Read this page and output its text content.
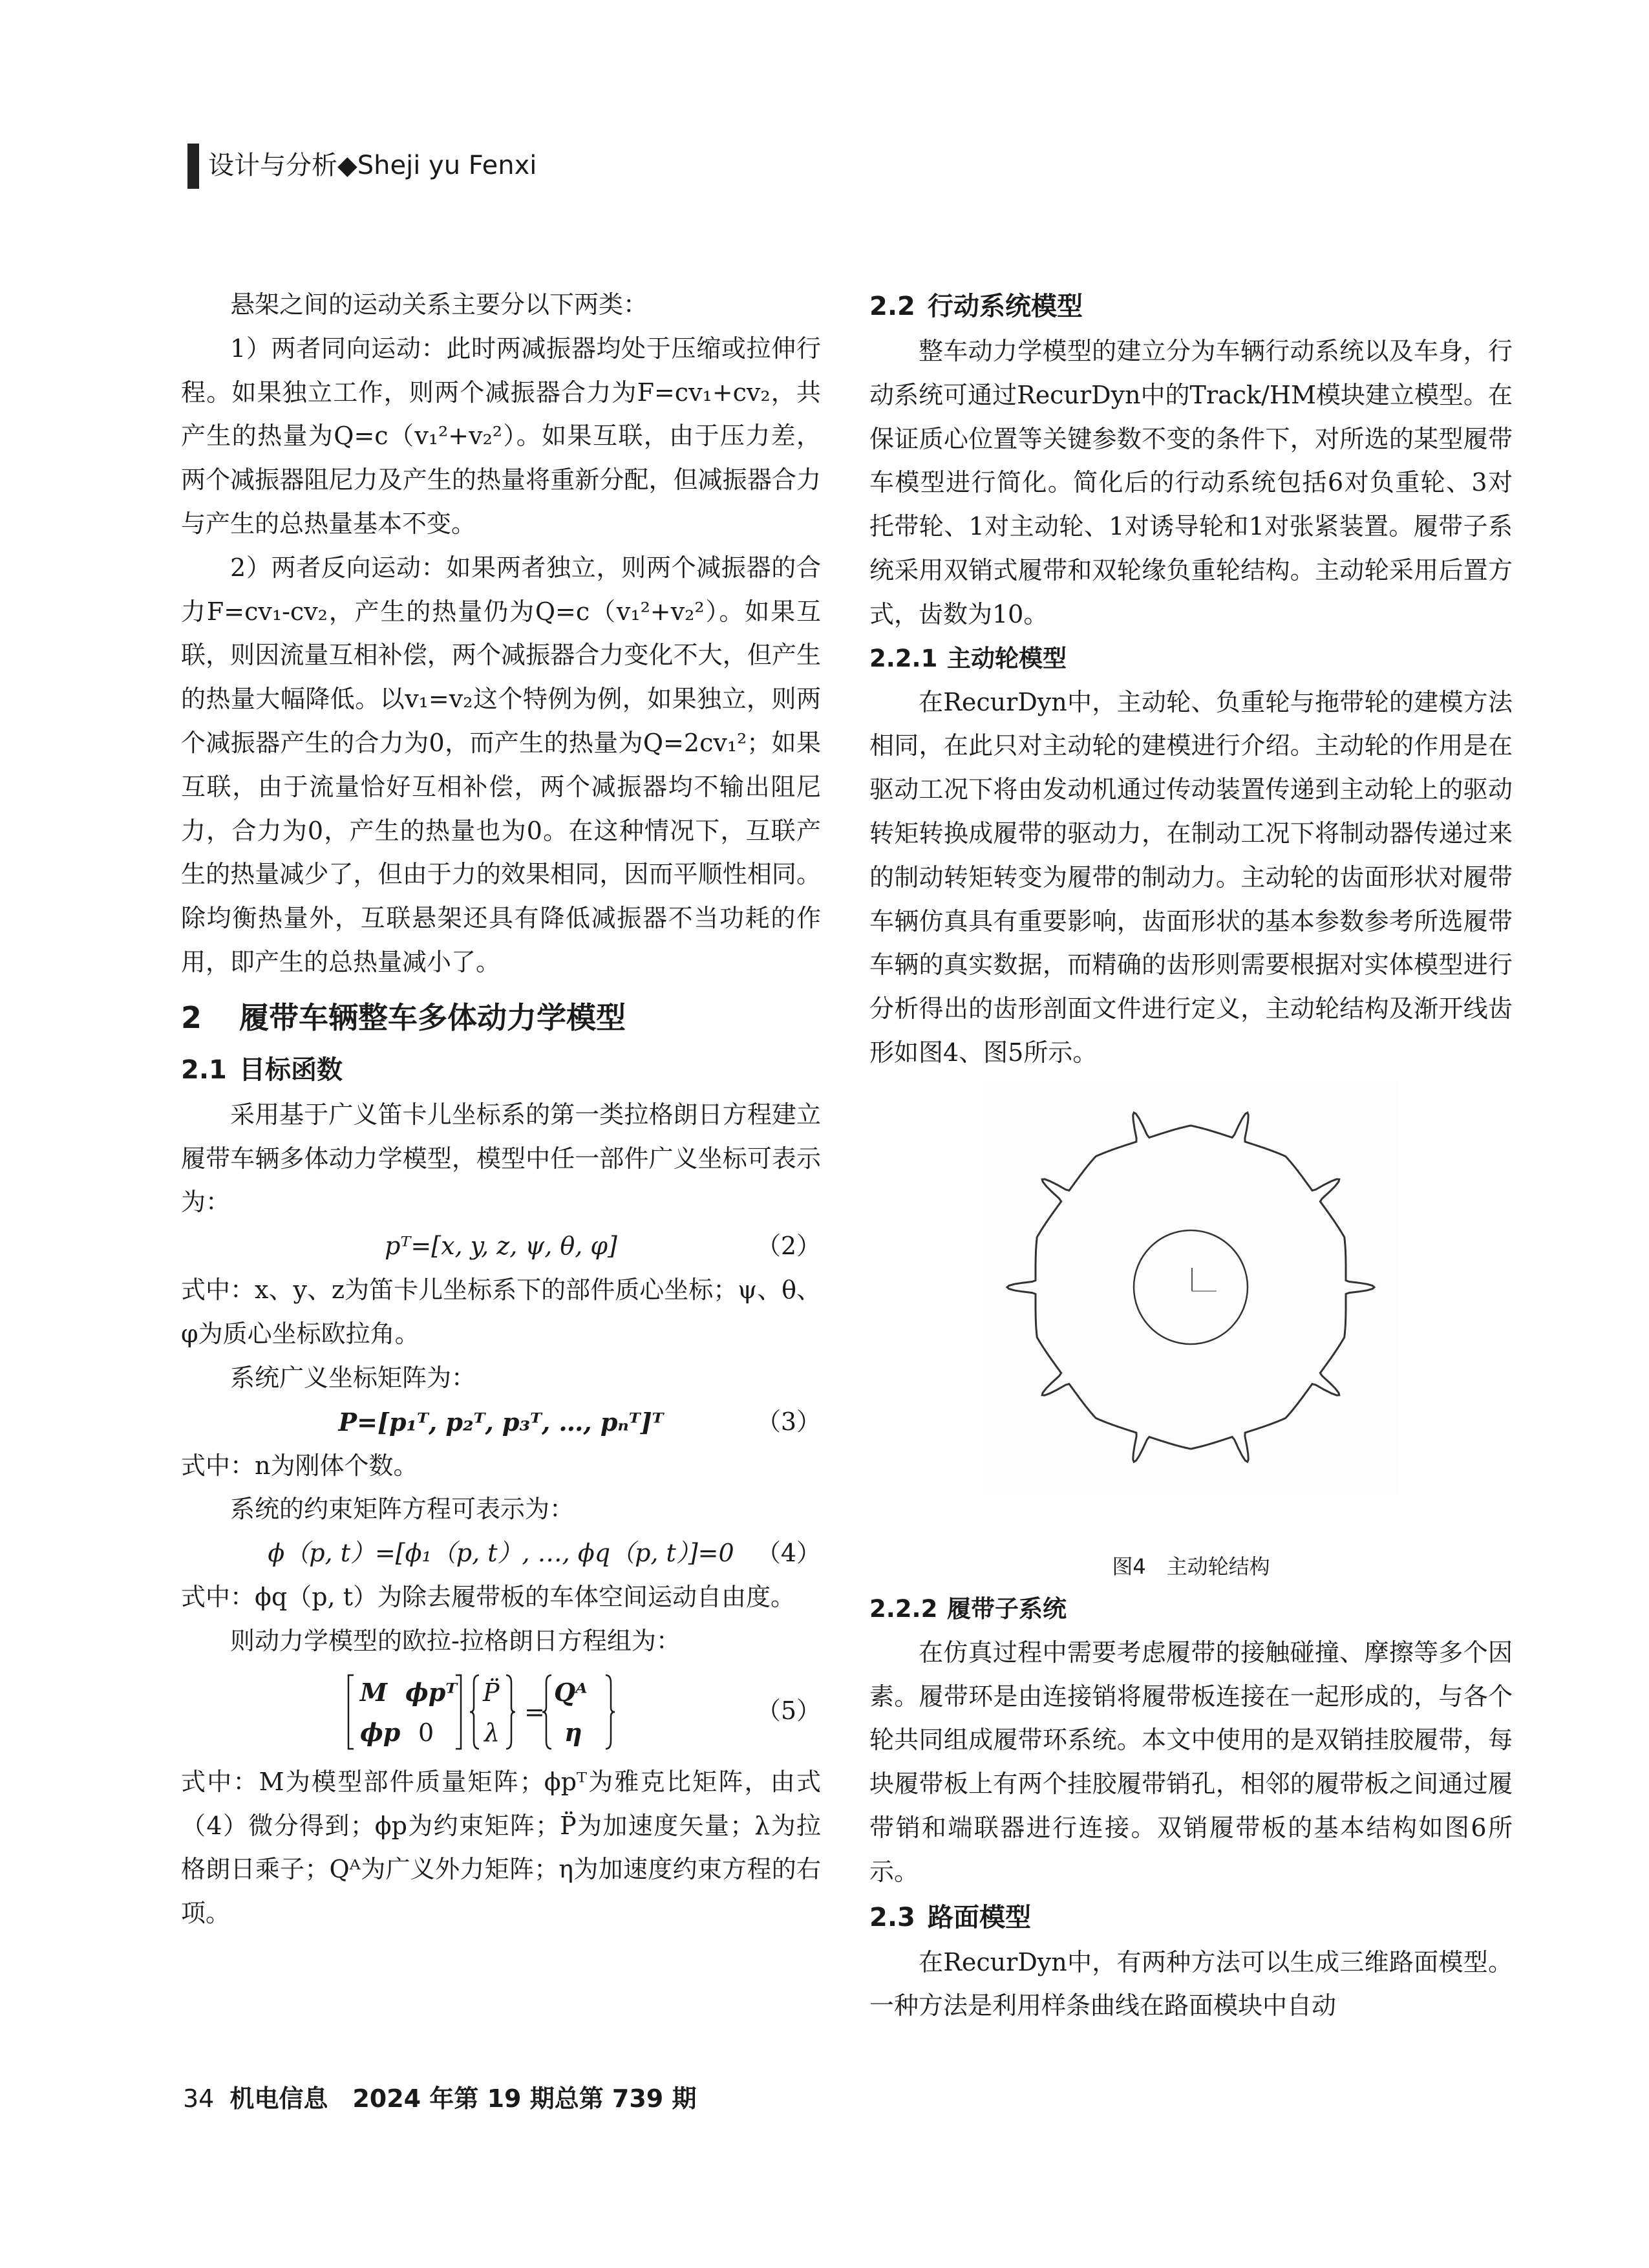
设计与分析◆Sheji yu Fenxi

悬架之间的运动关系主要分以下两类：

1）两者同向运动：此时两减振器均处于压缩或拉伸行程。如果独立工作，则两个减振器合力为F=cv₁+cv₂，共产生的热量为Q=c（v₁²+v₂²）。如果互联，由于压力差，两个减振器阻尼力及产生的热量将重新分配，但减振器合力与产生的总热量基本不变。

2）两者反向运动：如果两者独立，则两个减振器的合力F=cv₁-cv₂，产生的热量仍为Q=c（v₁²+v₂²）。如果互联，则因流量互相补偿，两个减振器合力变化不大，但产生的热量大幅降低。以v₁=v₂这个特例为例，如果独立，则两个减振器产生的合力为0，而产生的热量为Q=2cv₁²；如果互联，由于流量恰好互相补偿，两个减振器均不输出阻尼力，合力为0，产生的热量也为0。在这种情况下，互联产生的热量减少了，但由于力的效果相同，因而平顺性相同。除均衡热量外，互联悬架还具有降低减振器不当功耗的作用，即产生的总热量减小了。

2 履带车辆整车多体动力学模型
2.1 目标函数

采用基于广义笛卡儿坐标系的第一类拉格朗日方程建立履带车辆多体动力学模型，模型中任一部件广义坐标可表示为：

pᵀ=[x, y, z, ψ, θ, φ]	（2）

式中：x、y、z为笛卡儿坐标系下的部件质心坐标；ψ、θ、φ为质心坐标欧拉角。

系统广义坐标矩阵为：

P=[p₁ᵀ, p₂ᵀ, p₃ᵀ, …, pₙᵀ]ᵀ	（3）

式中：n为刚体个数。

系统的约束矩阵方程可表示为：

ϕ（p, t）=[ϕ₁（p, t）, …, ϕq（p, t）]=0 （4）

式中：ϕq（p, t）为除去履带板的车体空间运动自由度。

则动力学模型的欧拉-拉格朗日方程组为：

M ϕpᵀ
ϕp 0
P̈
λ
=
Qᴬ
η
（5）

式中：M为模型部件质量矩阵；ϕpᵀ为雅克比矩阵，由式（4）微分得到；ϕp为约束矩阵；P̈为加速度矢量；λ为拉格朗日乘子；Qᴬ为广义外力矩阵；η为加速度约束方程的右项。

2.2 行动系统模型

整车动力学模型的建立分为车辆行动系统以及车身，行动系统可通过RecurDyn中的Track/HM模块建立模型。在保证质心位置等关键参数不变的条件下，对所选的某型履带车模型进行简化。简化后的行动系统包括6对负重轮、3对托带轮、1对主动轮、1对诱导轮和1对张紧装置。履带子系统采用双销式履带和双轮缘负重轮结构。主动轮采用后置方式，齿数为10。

2.2.1 主动轮模型

在RecurDyn中，主动轮、负重轮与拖带轮的建模方法相同，在此只对主动轮的建模进行介绍。主动轮的作用是在驱动工况下将由发动机通过传动装置传递到主动轮上的驱动转矩转换成履带的驱动力，在制动工况下将制动器传递过来的制动转矩转变为履带的制动力。主动轮的齿面形状对履带车辆仿真具有重要影响，齿面形状的基本参数参考所选履带车辆的真实数据，而精确的齿形则需要根据对实体模型进行分析得出的齿形剖面文件进行定义，主动轮结构及渐开线齿形如图4、图5所示。

图4　主动轮结构
2.2.2 履带子系统

在仿真过程中需要考虑履带的接触碰撞、摩擦等多个因素。履带环是由连接销将履带板连接在一起形成的，与各个轮共同组成履带环系统。本文中使用的是双销挂胶履带，每块履带板上有两个挂胶履带销孔，相邻的履带板之间通过履带销和端联器进行连接。双销履带板的基本结构如图6所示。

2.3 路面模型

在RecurDyn中，有两种方法可以生成三维路面模型。一种方法是利用样条曲线在路面模块中自动

34 机电信息　2024 年第 19 期总第 739 期
